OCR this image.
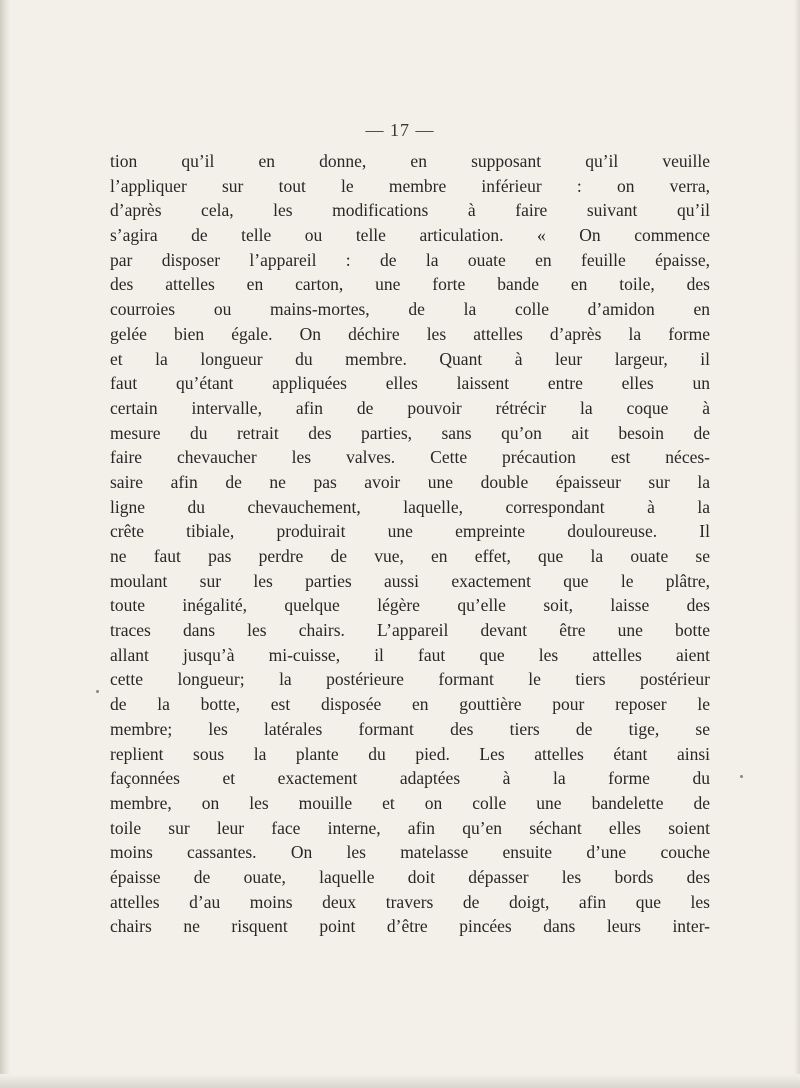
— 17 —
tion qu’il en donne, en supposant qu’il veuille
l’appliquer sur tout le membre inférieur : on verra,
d’après cela, les modifications à faire suivant qu’il
s’agira de telle ou telle articulation. « On commence
par disposer l’appareil : de la ouate en feuille épaisse,
des attelles en carton, une forte bande en toile, des
courroies ou mains-mortes, de la colle d’amidon en
gelée bien égale. On déchire les attelles d’après la forme
et la longueur du membre. Quant à leur largeur, il
faut qu’étant appliquées elles laissent entre elles un
certain intervalle, afin de pouvoir rétrécir la coque à
mesure du retrait des parties, sans qu’on ait besoin de
faire chevaucher les valves. Cette précaution est néces-
saire afin de ne pas avoir une double épaisseur sur la
ligne du chevauchement, laquelle, correspondant à la
crête tibiale, produirait une empreinte douloureuse. Il
ne faut pas perdre de vue, en effet, que la ouate se
moulant sur les parties aussi exactement que le plâtre,
toute inégalité, quelque légère qu’elle soit, laisse des
traces dans les chairs. L’appareil devant être une botte
allant jusqu’à mi-cuisse, il faut que les attelles aient
cette longueur; la postérieure formant le tiers postérieur
de la botte, est disposée en gouttière pour reposer le
membre; les latérales formant des tiers de tige, se
replient sous la plante du pied. Les attelles étant ainsi
façonnées et exactement adaptées à la forme du
membre, on les mouille et on colle une bandelette de
toile sur leur face interne, afin qu’en séchant elles soient
moins cassantes. On les matelasse ensuite d’une couche
épaisse de ouate, laquelle doit dépasser les bords des
attelles d’au moins deux travers de doigt, afin que les
chairs ne risquent point d’être pincées dans leurs inter-
